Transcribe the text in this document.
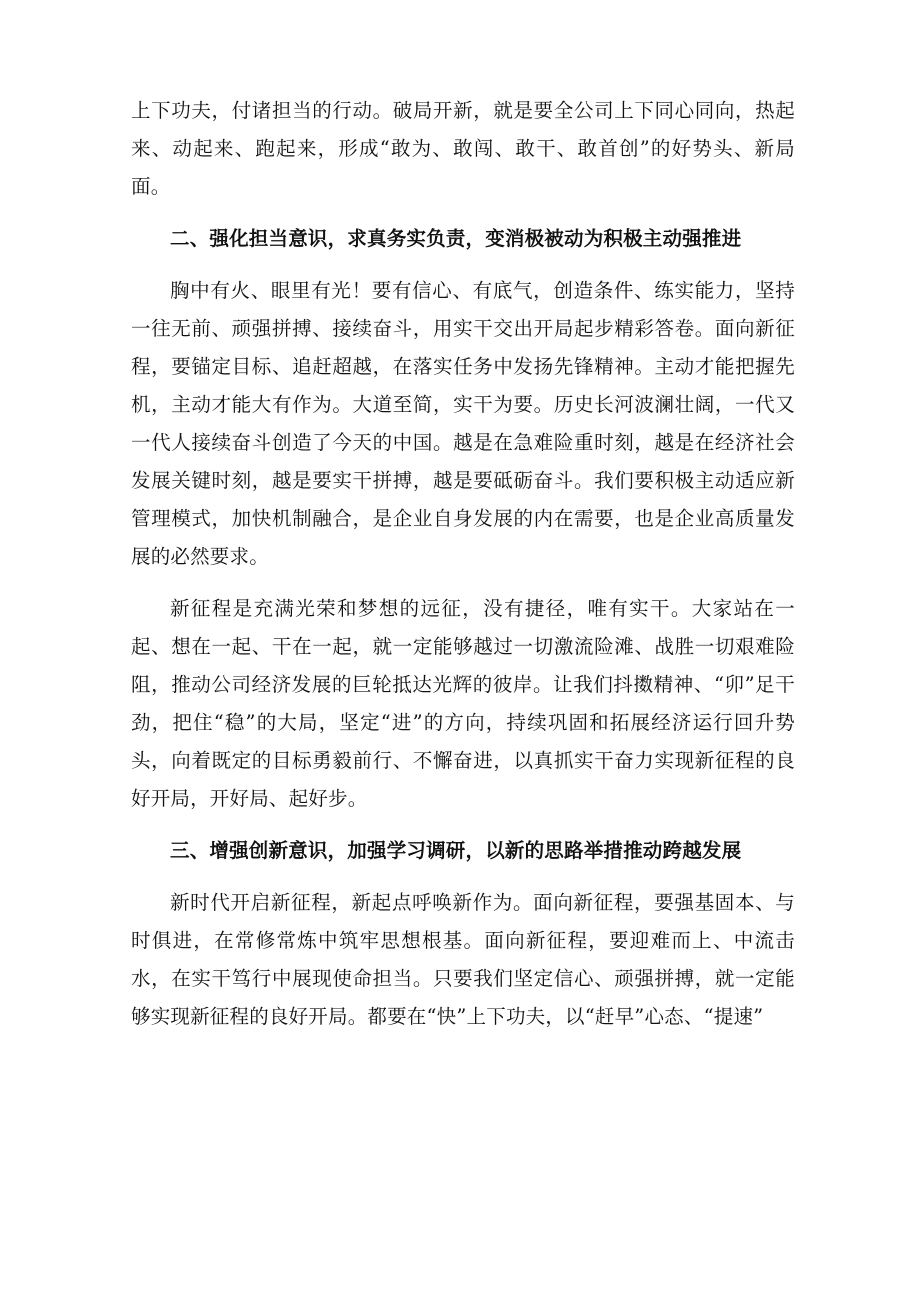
上下功夫，付诸担当的行动。破局开新，就是要全公司上下同心同向，热起来、动起来、跑起来，形成“敢为、敢闯、敢干、敢首创”的好势头、新局面。

二、强化担当意识，求真务实负责，变消极被动为积极主动强推进

胸中有火、眼里有光！要有信心、有底气，创造条件、练实能力，坚持一往无前、顽强拼搏、接续奋斗，用实干交出开局起步精彩答卷。面向新征程，要锚定目标、追赶超越，在落实任务中发扬先锋精神。主动才能把握先机，主动才能大有作为。大道至简，实干为要。历史长河波澜壮阔，一代又一代人接续奋斗创造了今天的中国。越是在急难险重时刻，越是在经济社会发展关键时刻，越是要实干拼搏，越是要砥砺奋斗。我们要积极主动适应新管理模式，加快机制融合，是企业自身发展的内在需要，也是企业高质量发展的必然要求。

新征程是充满光荣和梦想的远征，没有捷径，唯有实干。大家站在一起、想在一起、干在一起，就一定能够越过一切激流险滩、战胜一切艰难险阻，推动公司经济发展的巨轮抵达光辉的彼岸。让我们抖擞精神、“卯”足干劲，把住“稳”的大局，坚定“进”的方向，持续巩固和拓展经济运行回升势头，向着既定的目标勇毅前行、不懈奋进，以真抓实干奋力实现新征程的良好开局，开好局、起好步。

三、增强创新意识，加强学习调研，以新的思路举措推动跨越发展

新时代开启新征程，新起点呼唤新作为。面向新征程，要强基固本、与时俱进，在常修常炼中筑牢思想根基。面向新征程，要迎难而上、中流击水，在实干笃行中展现使命担当。只要我们坚定信心、顽强拼搏，就一定能够实现新征程的良好开局。都要在“快”上下功夫，以“赶早”心态、“提速”
